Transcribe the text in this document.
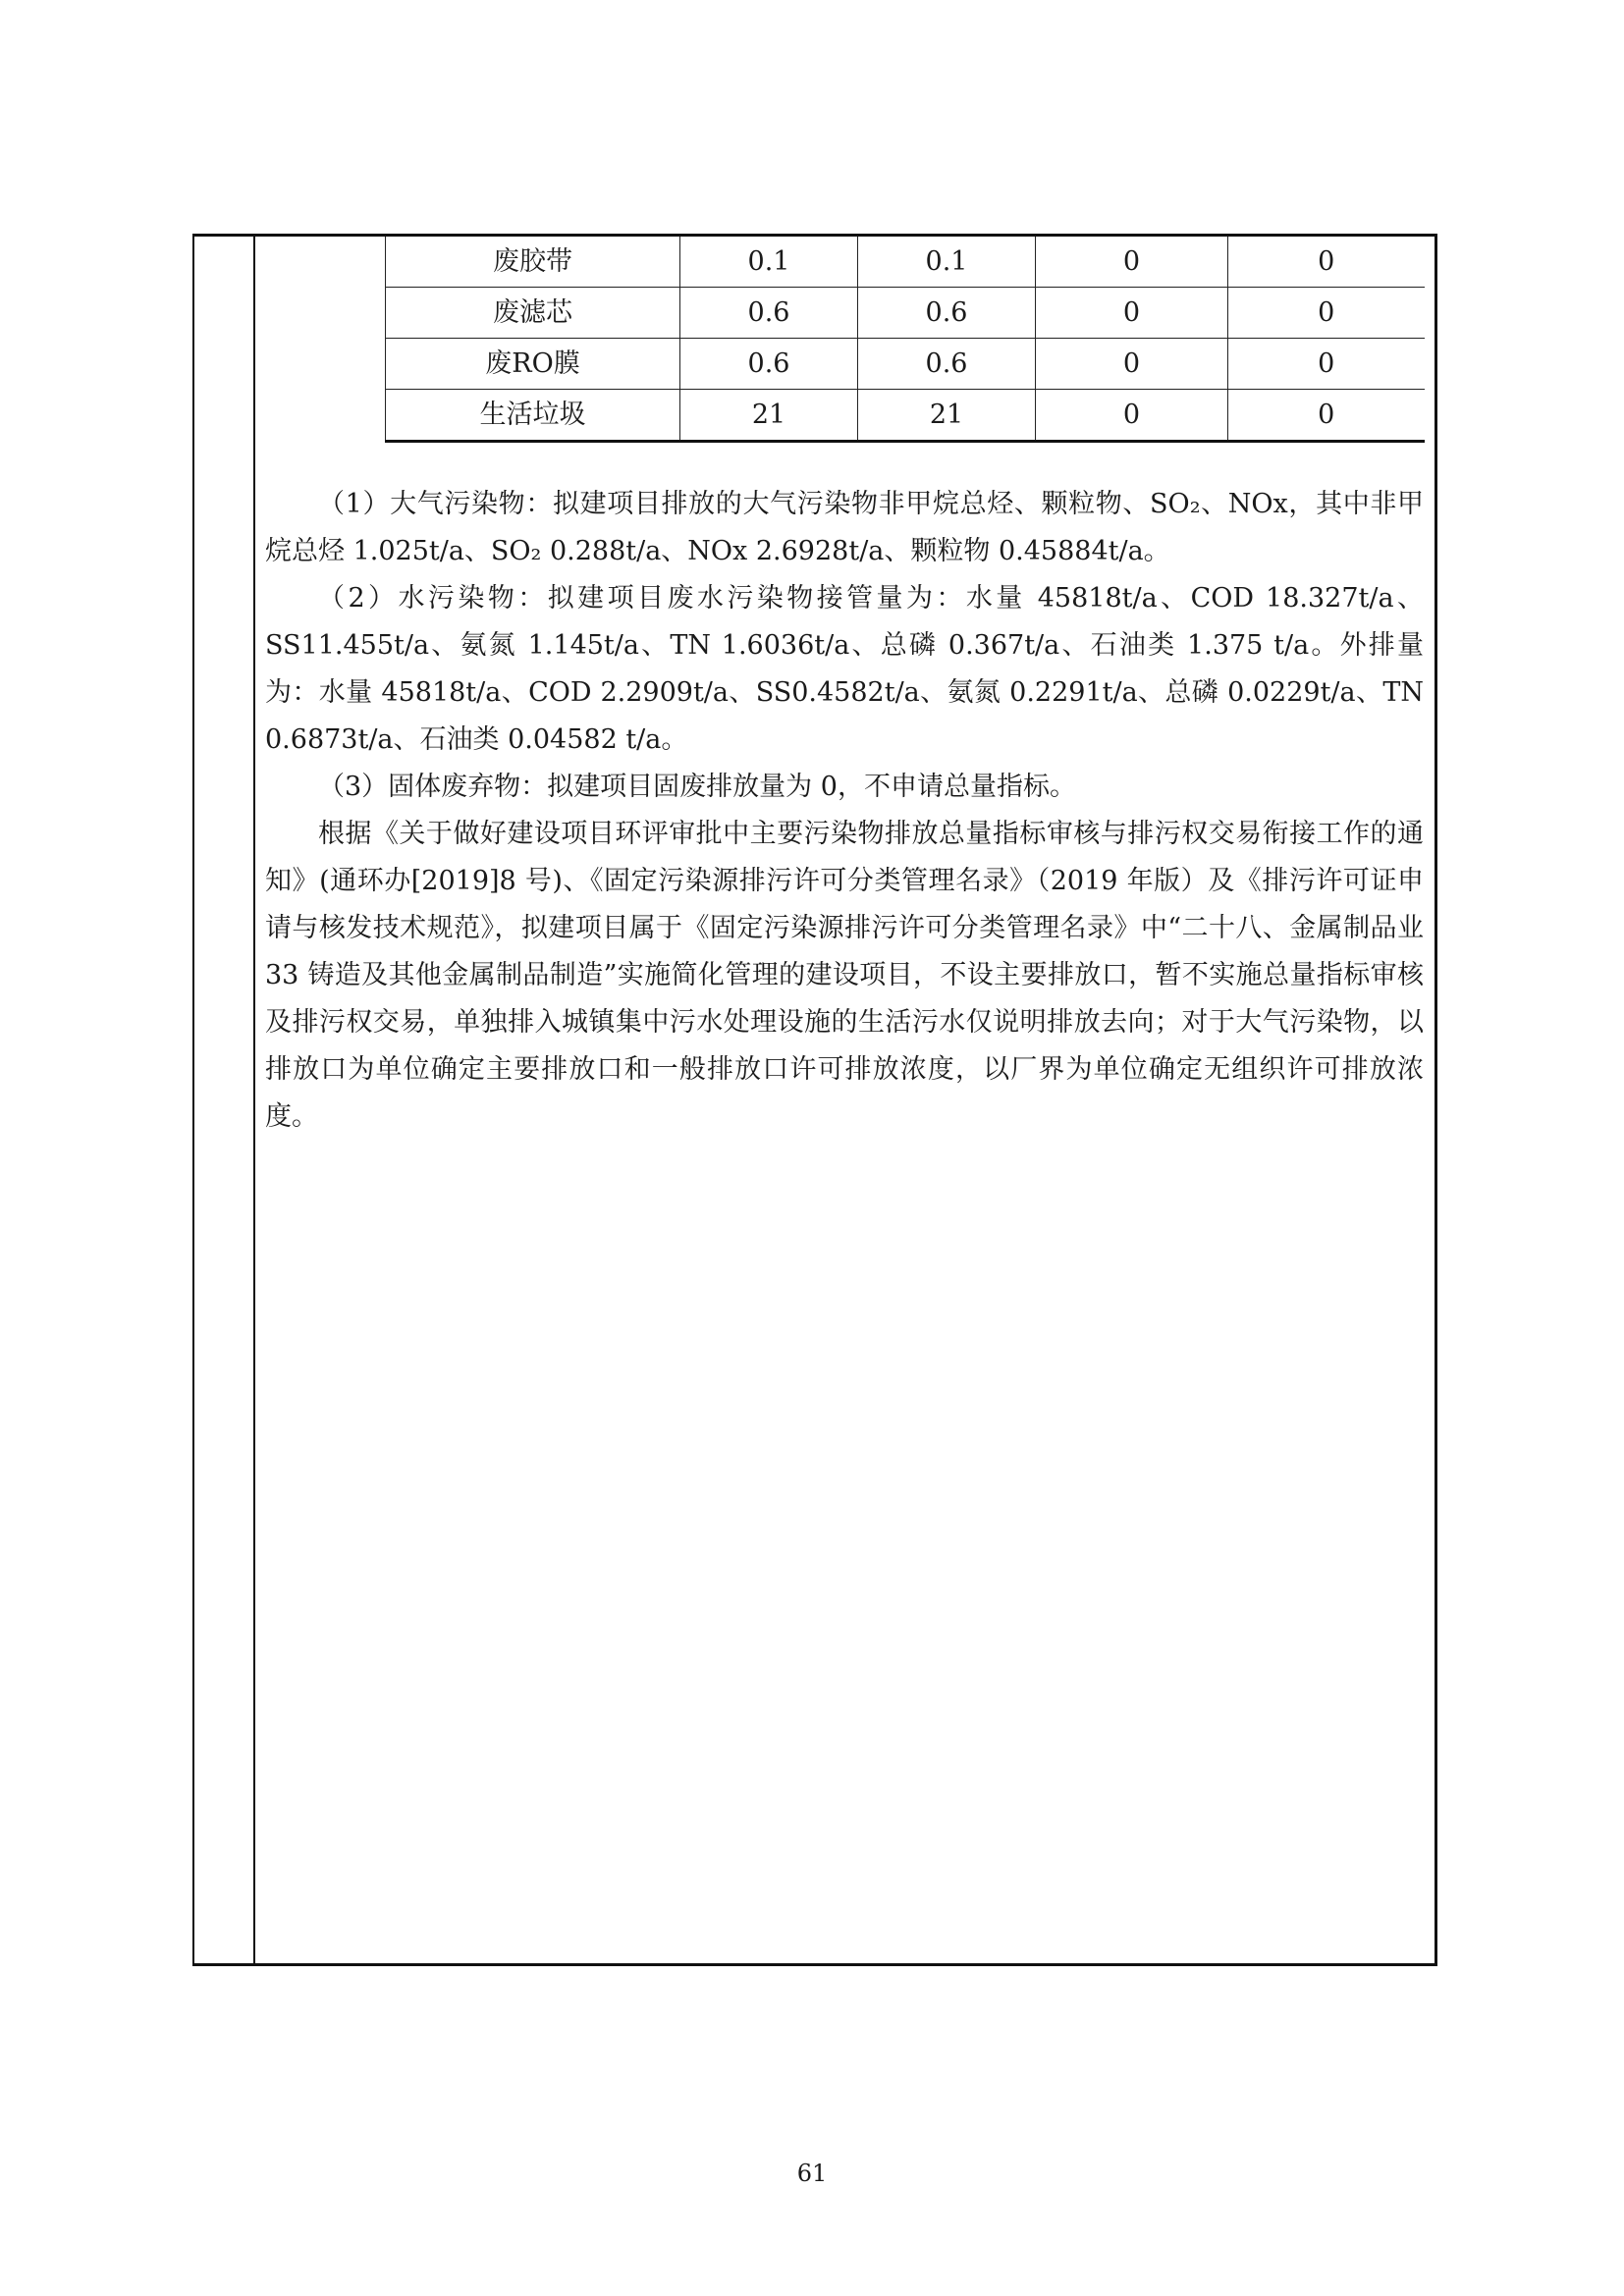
废胶带	0.1	0.1	0	0
废滤芯	0.6	0.6	0	0
废RO膜	0.6	0.6	0	0
生活垃圾	21	21	0	0

（1）大气污染物：拟建项目排放的大气污染物非甲烷总烃、颗粒物、SO₂、NOx，其中非甲烷总烃 1.025t/a、SO₂ 0.288t/a、NOx 2.6928t/a、颗粒物 0.45884t/a。

（2）水污染物：拟建项目废水污染物接管量为：水量 45818t/a、COD 18.327t/a、SS11.455t/a、氨氮 1.145t/a、TN 1.6036t/a、总磷 0.367t/a、石油类 1.375 t/a。外排量为：水量 45818t/a、COD 2.2909t/a、SS0.4582t/a、氨氮 0.2291t/a、总磷 0.0229t/a、TN 0.6873t/a、石油类 0.04582 t/a。

（3）固体废弃物：拟建项目固废排放量为 0，不申请总量指标。

根据《关于做好建设项目环评审批中主要污染物排放总量指标审核与排污权交易衔接工作的通知》(通环办[2019]8 号)、《固定污染源排污许可分类管理名录》（2019 年版）及《排污许可证申请与核发技术规范》，拟建项目属于《固定污染源排污许可分类管理名录》中“二十八、金属制品业 33 铸造及其他金属制品制造”实施简化管理的建设项目，不设主要排放口，暂不实施总量指标审核及排污权交易，单独排入城镇集中污水处理设施的生活污水仅说明排放去向；对于大气污染物，以排放口为单位确定主要排放口和一般排放口许可排放浓度，以厂界为单位确定无组织许可排放浓度。

61
